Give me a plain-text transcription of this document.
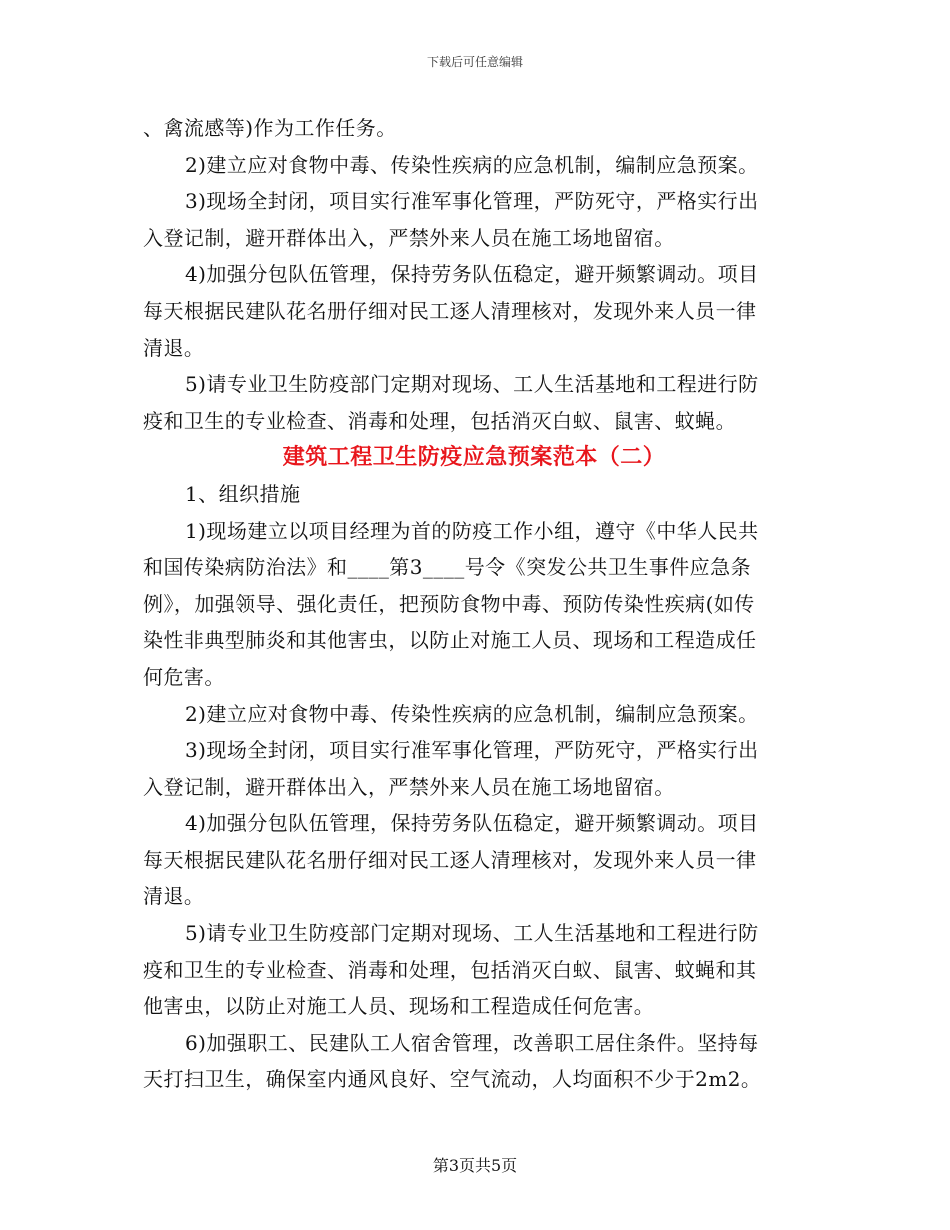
下载后可任意编辑
、禽流感等)作为工作任务。
2)建立应对食物中毒、传染性疾病的应急机制，编制应急预案。
3)现场全封闭，项目实行准军事化管理，严防死守，严格实行出
入登记制，避开群体出入，严禁外来人员在施工场地留宿。
4)加强分包队伍管理，保持劳务队伍稳定，避开频繁调动。项目
每天根据民建队花名册仔细对民工逐人清理核对，发现外来人员一律
清退。
5)请专业卫生防疫部门定期对现场、工人生活基地和工程进行防
疫和卫生的专业检查、消毒和处理，包括消灭白蚁、鼠害、蚊蝇。
建筑工程卫生防疫应急预案范本（二）
1、组织措施
1)现场建立以项目经理为首的防疫工作小组，遵守《中华人民共
和国传染病防治法》和____第3____号令《突发公共卫生事件应急条
例》，加强领导、强化责任，把预防食物中毒、预防传染性疾病(如传
染性非典型肺炎和其他害虫，以防止对施工人员、现场和工程造成任
何危害。
2)建立应对食物中毒、传染性疾病的应急机制，编制应急预案。
3)现场全封闭，项目实行准军事化管理，严防死守，严格实行出
入登记制，避开群体出入，严禁外来人员在施工场地留宿。
4)加强分包队伍管理，保持劳务队伍稳定，避开频繁调动。项目
每天根据民建队花名册仔细对民工逐人清理核对，发现外来人员一律
清退。
5)请专业卫生防疫部门定期对现场、工人生活基地和工程进行防
疫和卫生的专业检查、消毒和处理，包括消灭白蚁、鼠害、蚊蝇和其
他害虫，以防止对施工人员、现场和工程造成任何危害。
6)加强职工、民建队工人宿舍管理，改善职工居住条件。坚持每
天打扫卫生，确保室内通风良好、空气流动，人均面积不少于2m2。
第3页共5页
